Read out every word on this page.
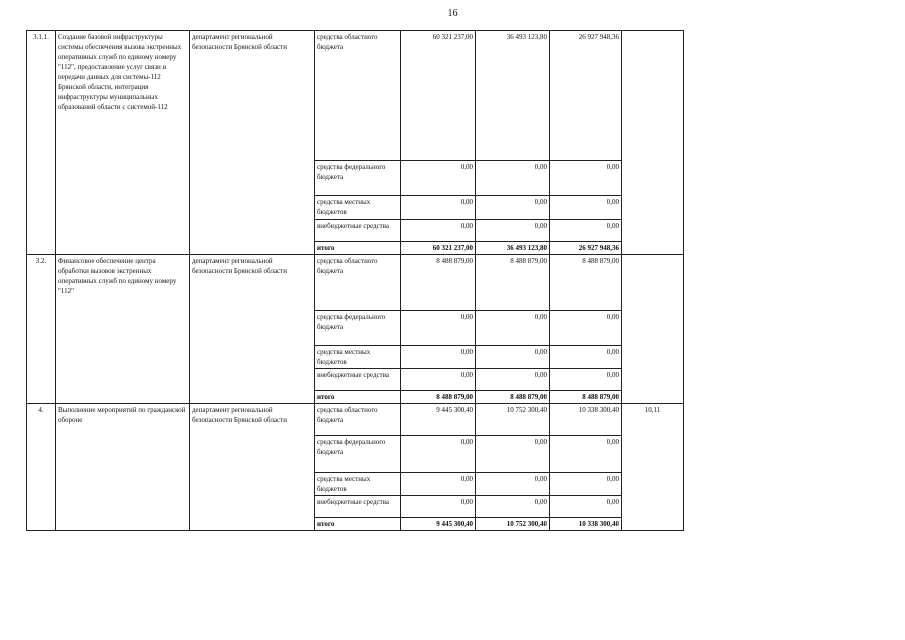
16
3.1.1.	Создание базовой инфраструктуры системы обеспечения вызова экстренных оперативных служб по единому номеру "112", предоставление услуг связи и передачи данных для системы-112 Брянской области, интеграция инфраструктуры муниципальных образований области с системой-112	департамент региональной безопасности Брянской области	средства областного бюджета	60 321 237,00	36 493 123,80	26 927 948,36	
			средства федерального бюджета	0,00	0,00	0,00	
			средства местных бюджетов	0,00	0,00	0,00	
			внебюджетные средства	0,00	0,00	0,00	
			итого	60 321 237,00	36 493 123,80	26 927 948,36	
3.2.	Финансовое обеспечение центра обработки вызовов экстренных оперативных служб по единому номеру "112"	департамент региональной безопасности Брянской области	средства областного бюджета	8 488 879,00	8 488 879,00	8 488 879,00	
			средства федерального бюджета	0,00	0,00	0,00	
			средства местных бюджетов	0,00	0,00	0,00	
			внебюджетные средства	0,00	0,00	0,00	
			итого	8 488 879,00	8 488 879,00	8 488 879,00	
4.	Выполнение мероприятий по гражданской обороне	департамент региональной безопасности Брянской области	средства областного бюджета	9 445 300,40	10 752 300,40	10 338 300,40	10,11
			средства федерального бюджета	0,00	0,00	0,00	
			средства местных бюджетов	0,00	0,00	0,00	
			внебюджетные средства	0,00	0,00	0,00	
			итого	9 445 300,40	10 752 300,40	10 338 300,40	
